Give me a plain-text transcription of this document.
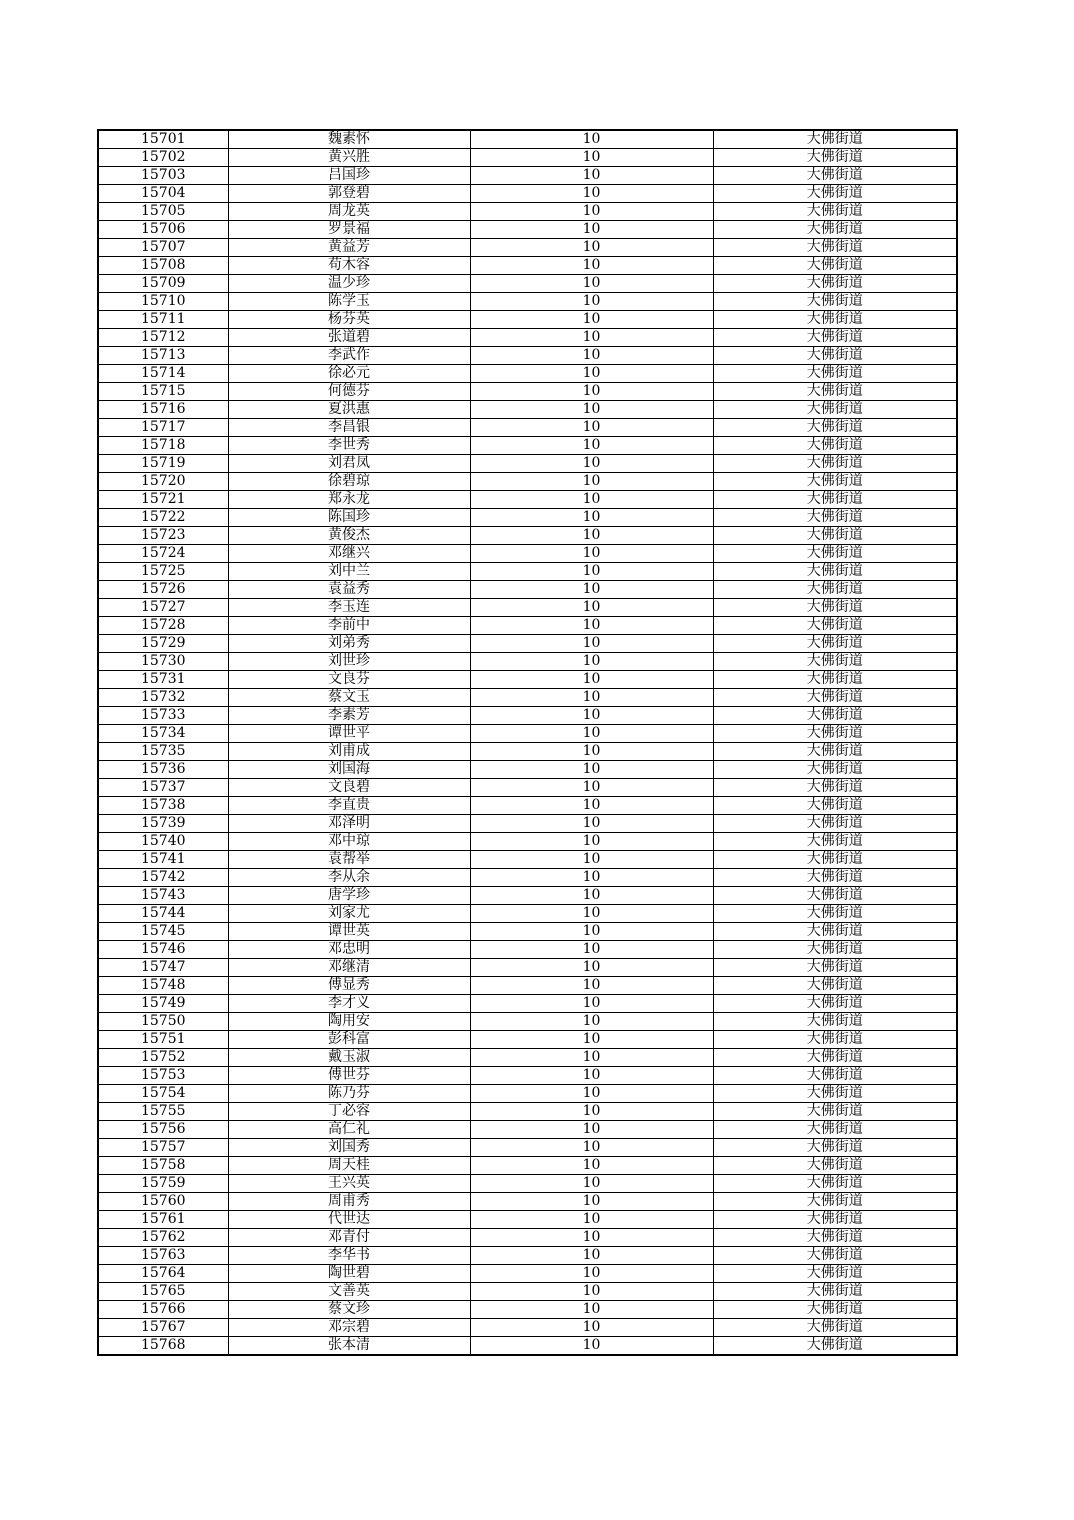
15701	魏素怀	10	大佛街道
15702	黄兴胜	10	大佛街道
15703	吕国珍	10	大佛街道
15704	郭登碧	10	大佛街道
15705	周龙英	10	大佛街道
15706	罗景福	10	大佛街道
15707	黄益芳	10	大佛街道
15708	苟木容	10	大佛街道
15709	温少珍	10	大佛街道
15710	陈学玉	10	大佛街道
15711	杨芬英	10	大佛街道
15712	张道碧	10	大佛街道
15713	李武作	10	大佛街道
15714	徐必元	10	大佛街道
15715	何德芬	10	大佛街道
15716	夏洪惠	10	大佛街道
15717	李昌银	10	大佛街道
15718	李世秀	10	大佛街道
15719	刘君凤	10	大佛街道
15720	徐碧琼	10	大佛街道
15721	郑永龙	10	大佛街道
15722	陈国珍	10	大佛街道
15723	黄俊杰	10	大佛街道
15724	邓继兴	10	大佛街道
15725	刘中兰	10	大佛街道
15726	袁益秀	10	大佛街道
15727	李玉连	10	大佛街道
15728	李前中	10	大佛街道
15729	刘弟秀	10	大佛街道
15730	刘世珍	10	大佛街道
15731	文良芬	10	大佛街道
15732	蔡文玉	10	大佛街道
15733	李素芳	10	大佛街道
15734	谭世平	10	大佛街道
15735	刘甫成	10	大佛街道
15736	刘国海	10	大佛街道
15737	文良碧	10	大佛街道
15738	李直贵	10	大佛街道
15739	邓泽明	10	大佛街道
15740	邓中琼	10	大佛街道
15741	袁帮举	10	大佛街道
15742	李从余	10	大佛街道
15743	唐学珍	10	大佛街道
15744	刘家尤	10	大佛街道
15745	谭世英	10	大佛街道
15746	邓忠明	10	大佛街道
15747	邓继清	10	大佛街道
15748	傅显秀	10	大佛街道
15749	李才义	10	大佛街道
15750	陶用安	10	大佛街道
15751	彭科富	10	大佛街道
15752	戴玉淑	10	大佛街道
15753	傅世芬	10	大佛街道
15754	陈乃芬	10	大佛街道
15755	丁必容	10	大佛街道
15756	高仁礼	10	大佛街道
15757	刘国秀	10	大佛街道
15758	周天桂	10	大佛街道
15759	王兴英	10	大佛街道
15760	周甫秀	10	大佛街道
15761	代世达	10	大佛街道
15762	邓青付	10	大佛街道
15763	李华书	10	大佛街道
15764	陶世碧	10	大佛街道
15765	文善英	10	大佛街道
15766	蔡文珍	10	大佛街道
15767	邓宗碧	10	大佛街道
15768	张本清	10	大佛街道
